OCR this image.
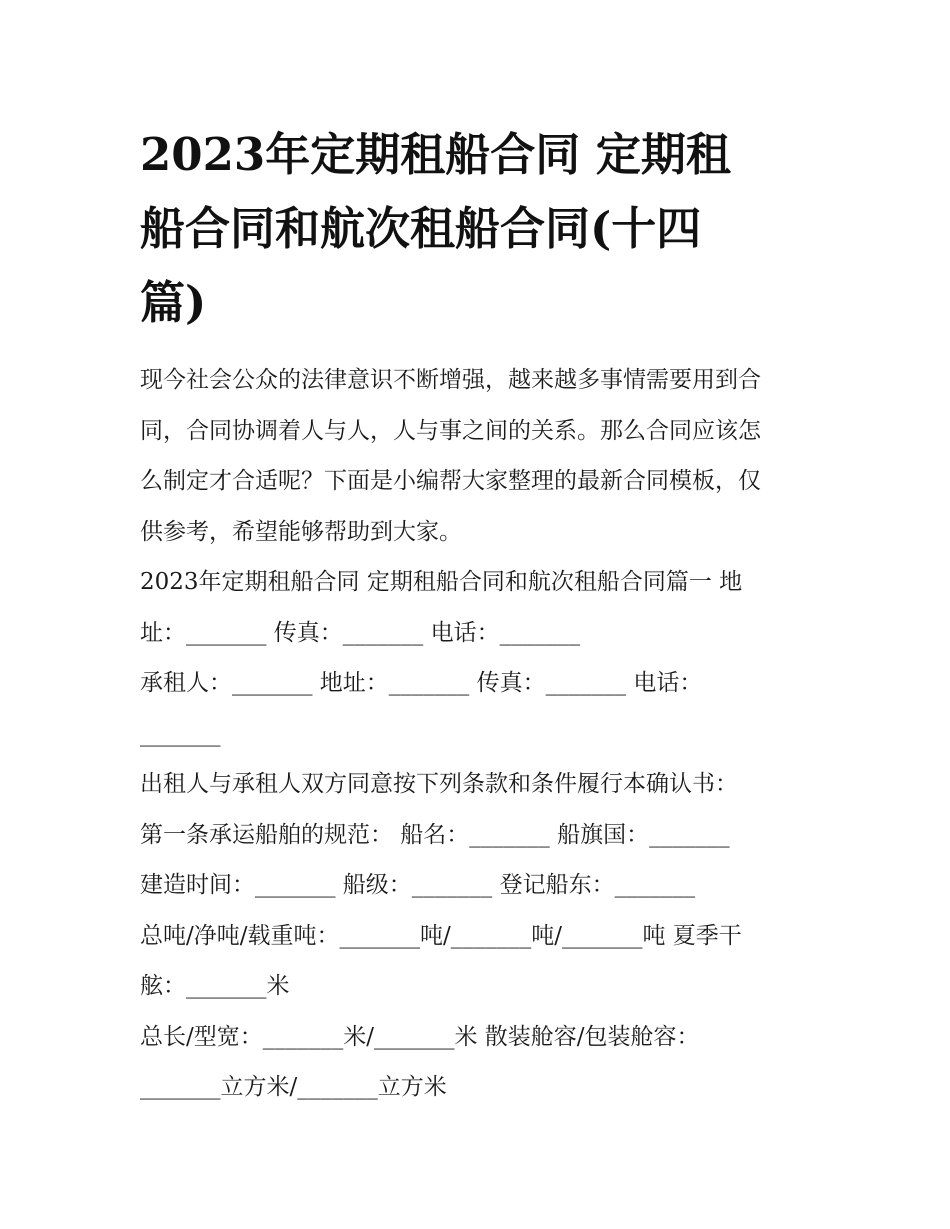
2023年定期租船合同 定期租
船合同和航次租船合同(十四
篇)

现今社会公众的法律意识不断增强，越来越多事情需要用到合

同，合同协调着人与人，人与事之间的关系。那么合同应该怎

么制定才合适呢？下面是小编帮大家整理的最新合同模板，仅

供参考，希望能够帮助到大家。

2023年定期租船合同 定期租船合同和航次租船合同篇一 地

址：_______ 传真：_______ 电话：_______

承租人：_______ 地址：_______ 传真：_______ 电话：

_______

出租人与承租人双方同意按下列条款和条件履行本确认书：

第一条承运船舶的规范： 船名：_______ 船旗国：_______

建造时间：_______ 船级：_______ 登记船东：_______

总吨/净吨/载重吨：_______吨/_______吨/_______吨 夏季干

舷：_______米

总长/型宽：_______米/_______米 散装舱容/包装舱容：

_______立方米/_______立方米
